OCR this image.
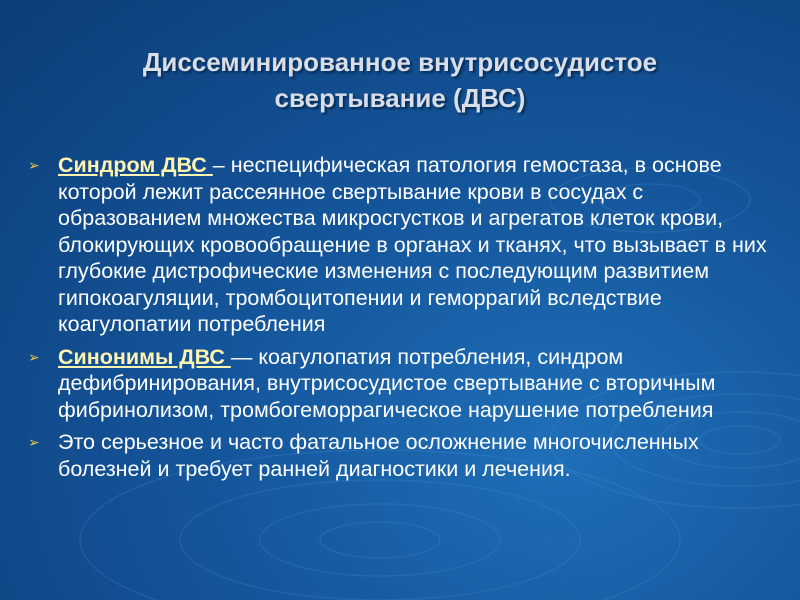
Диссеминированное внутрисосудистое
свертывание (ДВС)
➢ Синдром ДВС – неспецифическая патология гемостаза, в основе которой лежит рассеянное свертывание крови в сосудах с образованием множества микросгустков и агрегатов клеток крови, блокирующих кровообращение в органах и тканях, что вызывает в них глубокие дистрофические изменения с последующим развитием гипокоагуляции, тромбоцитопении и геморрагий вследствие коагулопатии потребления
➢ Синонимы ДВС — коагулопатия потребления, синдром дефибринирования, внутрисосудистое свертывание с вторичным фибринолизом, тромбогеморрагическое нарушение потребления
➢ Это серьезное и часто фатальное осложнение многочисленных болезней и требует ранней диагностики и лечения.
